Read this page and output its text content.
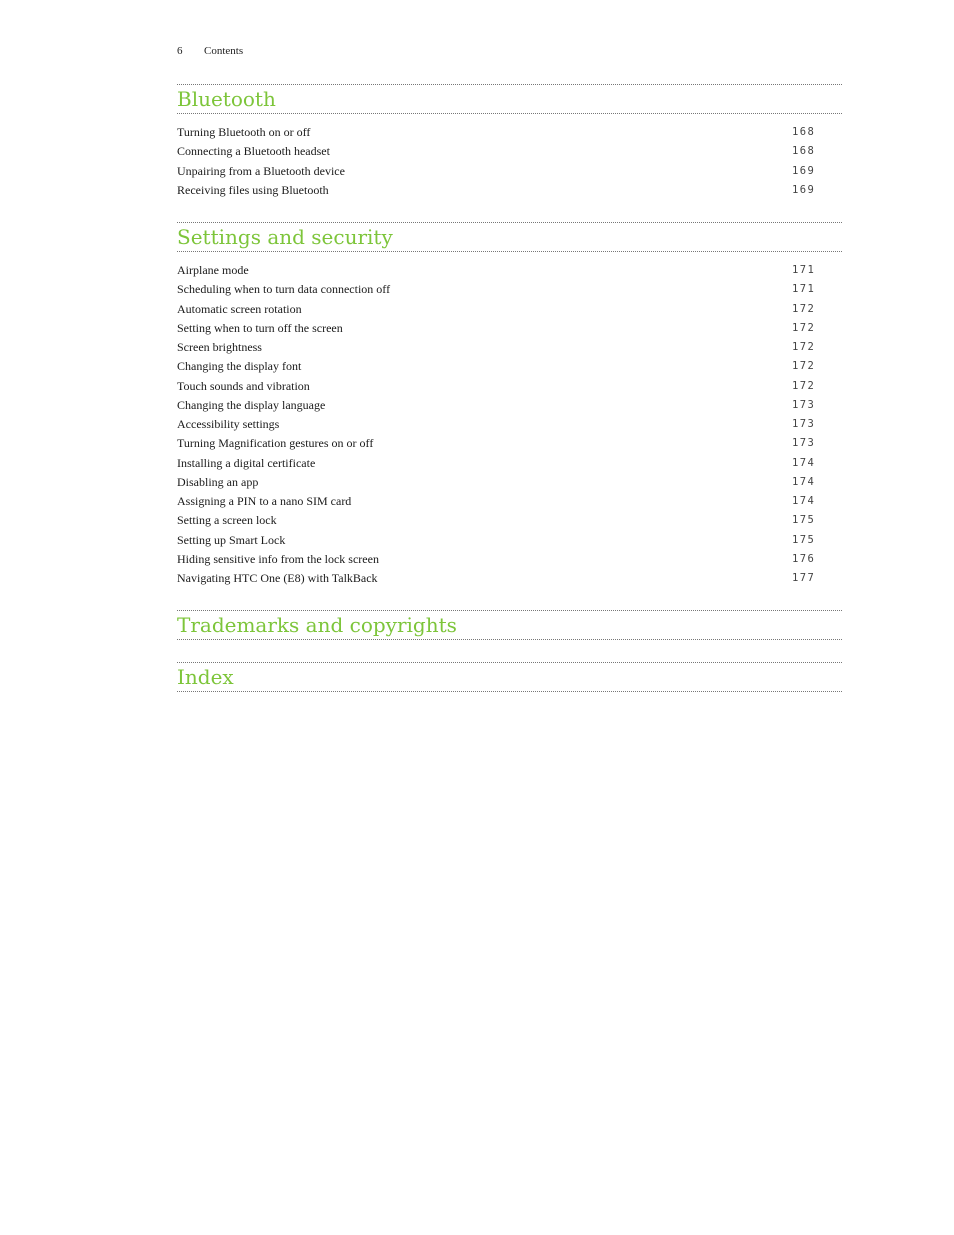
6 Contents
Bluetooth
Turning Bluetooth on or off	168
Connecting a Bluetooth headset	168
Unpairing from a Bluetooth device	169
Receiving files using Bluetooth	169
Settings and security
Airplane mode	171
Scheduling when to turn data connection off	171
Automatic screen rotation	172
Setting when to turn off the screen	172
Screen brightness	172
Changing the display font	172
Touch sounds and vibration	172
Changing the display language	173
Accessibility settings	173
Turning Magnification gestures on or off	173
Installing a digital certificate	174
Disabling an app	174
Assigning a PIN to a nano SIM card	174
Setting a screen lock	175
Setting up Smart Lock	175
Hiding sensitive info from the lock screen	176
Navigating HTC One (E8) with TalkBack	177
Trademarks and copyrights
Index
